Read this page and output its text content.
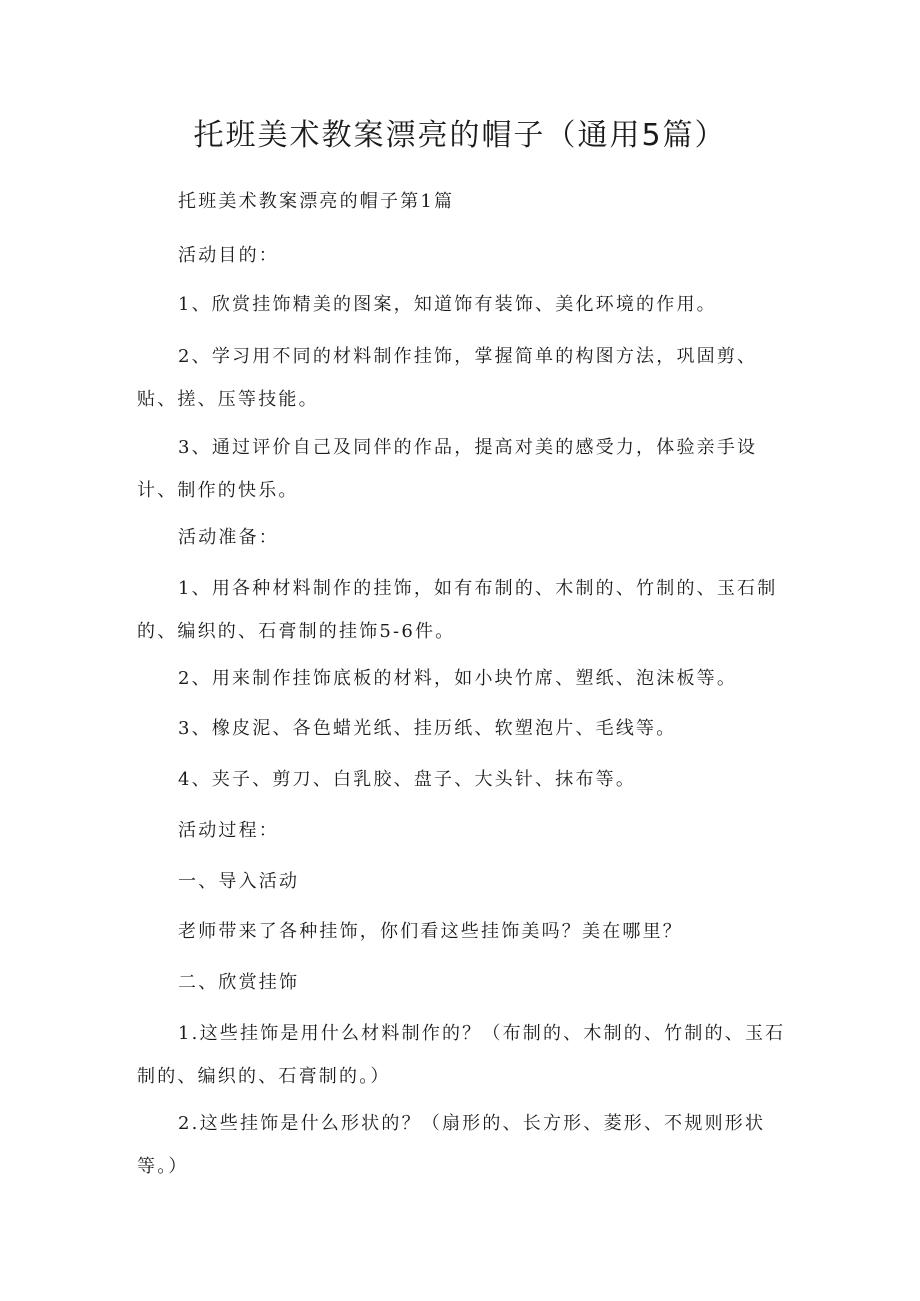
托班美术教案漂亮的帽子（通用5篇）
托班美术教案漂亮的帽子第1篇
活动目的：
1、欣赏挂饰精美的图案，知道饰有装饰、美化环境的作用。
2、学习用不同的材料制作挂饰，掌握简单的构图方法，巩固剪、
贴、搓、压等技能。
3、通过评价自己及同伴的作品，提高对美的感受力，体验亲手设
计、制作的快乐。
活动准备：
1、用各种材料制作的挂饰，如有布制的、木制的、竹制的、玉石制
的、编织的、石膏制的挂饰5-6件。
2、用来制作挂饰底板的材料，如小块竹席、塑纸、泡沫板等。
3、橡皮泥、各色蜡光纸、挂历纸、软塑泡片、毛线等。
4、夹子、剪刀、白乳胶、盘子、大头针、抹布等。
活动过程：
一、导入活动
老师带来了各种挂饰，你们看这些挂饰美吗？美在哪里？
二、欣赏挂饰
1.这些挂饰是用什么材料制作的？（布制的、木制的、竹制的、玉石
制的、编织的、石膏制的。）
2.这些挂饰是什么形状的？（扇形的、长方形、菱形、不规则形状
等。）
